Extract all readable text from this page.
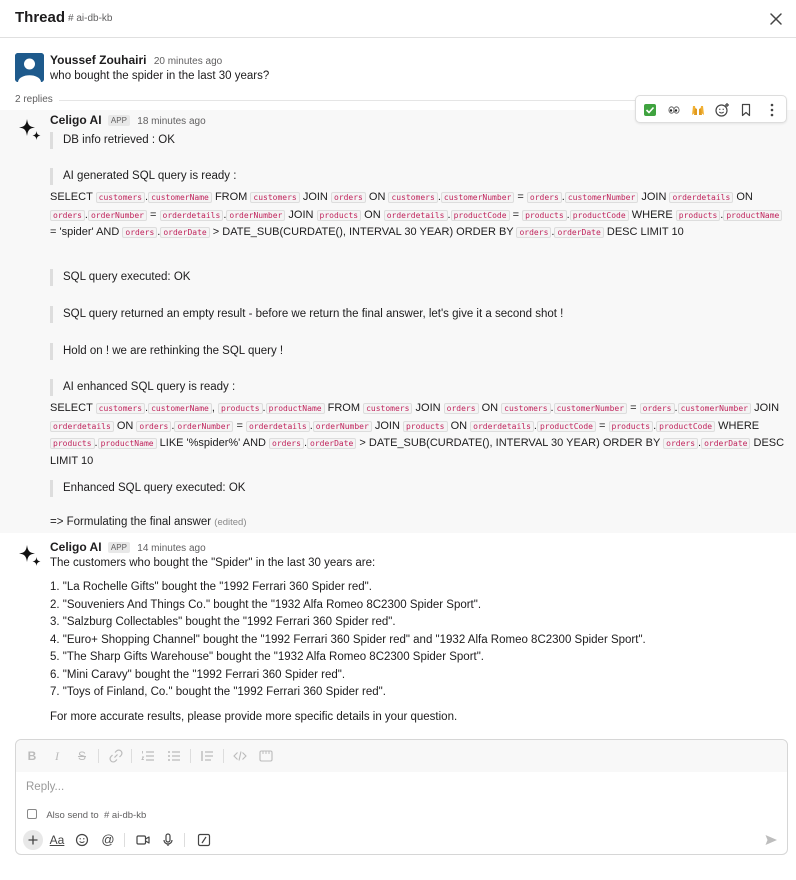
Thread # ai-db-kb
Youssef Zouhairi 20 minutes ago
who bought the spider in the last 30 years?
2 replies
Celigo AI APP 18 minutes ago
DB info retrieved : OK
AI generated SQL query is ready :
SELECT customers . customerName FROM customers JOIN orders ON customers . customerNumber = orders . customerNumber JOIN orderdetails ON orders . orderNumber = orderdetails . orderNumber JOIN products ON orderdetails . productCode = products . productCode WHERE products . productName = 'spider' AND orders . orderDate > DATE_SUB(CURDATE(), INTERVAL 30 YEAR) ORDER BY orders . orderDate DESC LIMIT 10
SQL query executed: OK
SQL query returned an empty result - before we return the final answer, let's give it a second shot !
Hold on ! we are rethinking the SQL query !
AI enhanced SQL query is ready :
SELECT customers . customerName , products . productName FROM customers JOIN orders ON customers . customerNumber = orders . customerNumber JOIN orderdetails ON orders . orderNumber = orderdetails . orderNumber JOIN products ON orderdetails . productCode = products . productCode WHERE products . productName LIKE '%spider%' AND orders . orderDate > DATE_SUB(CURDATE(), INTERVAL 30 YEAR) ORDER BY orders . orderDate DESC LIMIT 10
Enhanced SQL query executed: OK
=> Formulating the final answer (edited)
Celigo AI APP 14 minutes ago
The customers who bought the "Spider" in the last 30 years are:
1. "La Rochelle Gifts" bought the "1992 Ferrari 360 Spider red".
2. "Souveniers And Things Co." bought the "1932 Alfa Romeo 8C2300 Spider Sport".
3. "Salzburg Collectables" bought the "1992 Ferrari 360 Spider red".
4. "Euro+ Shopping Channel" bought the "1992 Ferrari 360 Spider red" and "1932 Alfa Romeo 8C2300 Spider Sport".
5. "The Sharp Gifts Warehouse" bought the "1932 Alfa Romeo 8C2300 Spider Sport".
6. "Mini Caravy" bought the "1992 Ferrari 360 Spider red".
7. "Toys of Finland, Co." bought the "1992 Ferrari 360 Spider red".
For more accurate results, please provide more specific details in your question.
B	I	S
Reply...
Also send to # ai-db-kb
Aa	@
